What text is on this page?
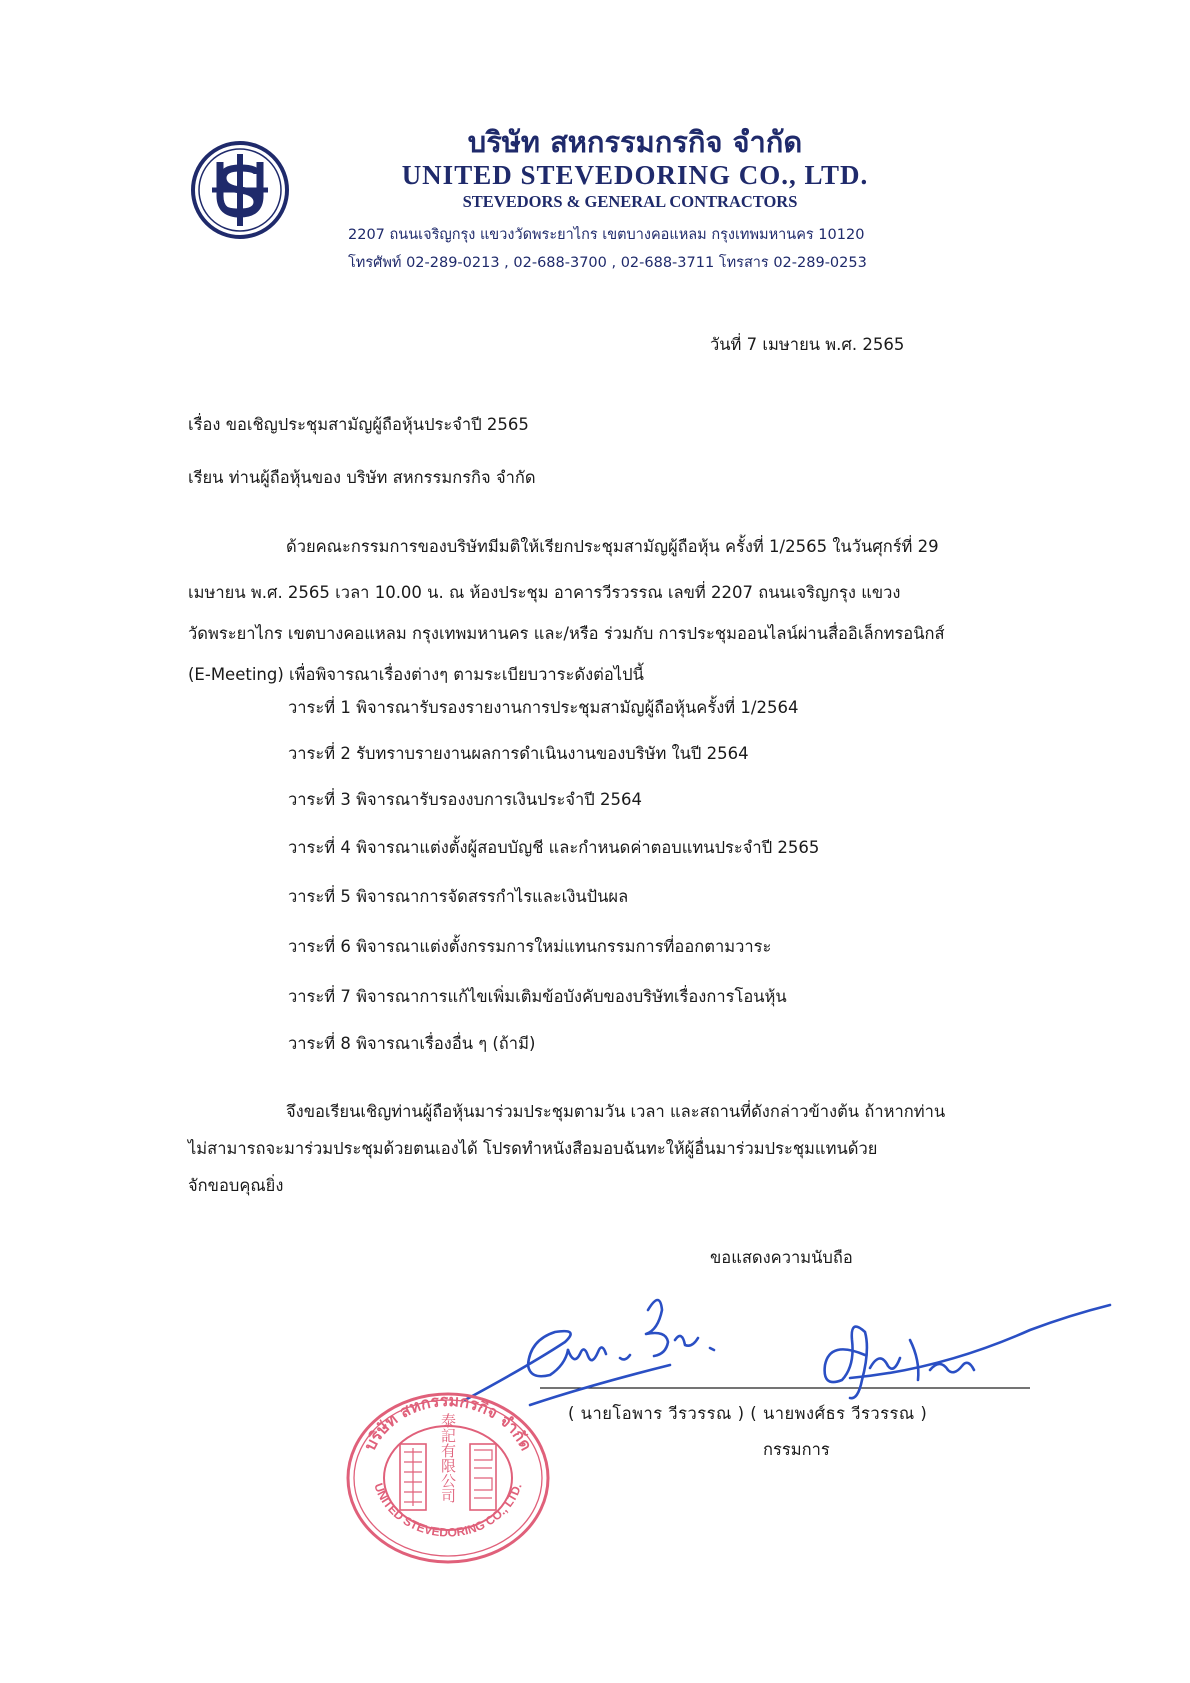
บริษัท สหกรรมกรกิจ จำกัด
UNITED STEVEDORING CO., LTD.
STEVEDORS & GENERAL CONTRACTORS
2207 ถนนเจริญกรุง แขวงวัดพระยาไกร เขตบางคอแหลม กรุงเทพมหานคร 10120
โทรศัพท์ 02-289-0213 , 02-688-3700 , 02-688-3711 โทรสาร 02-289-0253
วันที่ 7 เมษายน พ.ศ. 2565
เรื่อง ขอเชิญประชุมสามัญผู้ถือหุ้นประจำปี 2565
เรียน ท่านผู้ถือหุ้นของ บริษัท สหกรรมกรกิจ จำกัด
ด้วยคณะกรรมการของบริษัทมีมติให้เรียกประชุมสามัญผู้ถือหุ้น ครั้งที่ 1/2565 ในวันศุกร์ที่ 29
เมษายน พ.ศ. 2565 เวลา 10.00 น. ณ ห้องประชุม อาคารวีรวรรณ เลขที่ 2207 ถนนเจริญกรุง แขวง
วัดพระยาไกร เขตบางคอแหลม กรุงเทพมหานคร และ/หรือ ร่วมกับ การประชุมออนไลน์ผ่านสื่ออิเล็กทรอนิกส์
(E-Meeting) เพื่อพิจารณาเรื่องต่างๆ ตามระเบียบวาระดังต่อไปนี้
วาระที่ 1 พิจารณารับรองรายงานการประชุมสามัญผู้ถือหุ้นครั้งที่ 1/2564
วาระที่ 2 รับทราบรายงานผลการดำเนินงานของบริษัท ในปี 2564
วาระที่ 3 พิจารณารับรองงบการเงินประจำปี 2564
วาระที่ 4 พิจารณาแต่งตั้งผู้สอบบัญชี และกำหนดค่าตอบแทนประจำปี 2565
วาระที่ 5 พิจารณาการจัดสรรกำไรและเงินปันผล
วาระที่ 6 พิจารณาแต่งตั้งกรรมการใหม่แทนกรรมการที่ออกตามวาระ
วาระที่ 7 พิจารณาการแก้ไขเพิ่มเติมข้อบังคับของบริษัทเรื่องการโอนหุ้น
วาระที่ 8 พิจารณาเรื่องอื่น ๆ (ถ้ามี)
จึงขอเรียนเชิญท่านผู้ถือหุ้นมาร่วมประชุมตามวัน เวลา และสถานที่ดังกล่าวข้างต้น ถ้าหากท่าน
ไม่สามารถจะมาร่วมประชุมด้วยตนเองได้ โปรดทำหนังสือมอบฉันทะให้ผู้อื่นมาร่วมประชุมแทนด้วย
จักขอบคุณยิ่ง
ขอแสดงความนับถือ
( นายโอพาร วีรวรรณ ) ( นายพงศ์ธร วีรวรรณ )
กรรมการ
บริษัท สหกรรมกรกิจ จำกัด
UNITED STEVEDORING CO., LTD.
泰記有限公司
